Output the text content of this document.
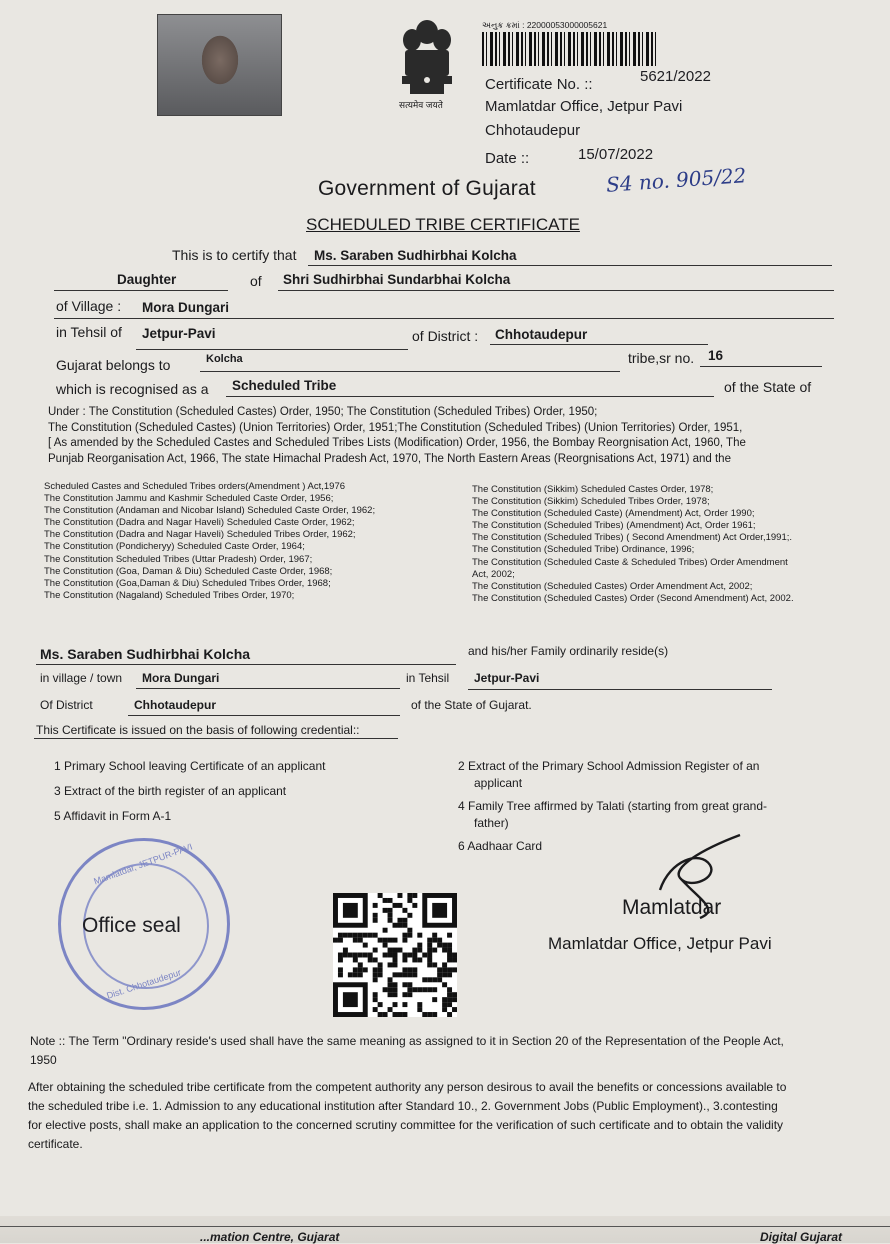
सत्यमेव जयते
અનુક્ર ક્રમાં : 22000053000005621
Certificate No. ::	5621/2022
Mamlatdar Office, Jetpur Pavi
Chhotaudepur
Date ::	15/07/2022
Government of Gujarat	S4 no. 905/22
SCHEDULED TRIBE CERTIFICATE
This is to certify that Ms. Saraben Sudhirbhai Kolcha
Daughter	of Shri Sudhirbhai Sundarbhai Kolcha
of Village : Mora Dungari
in Tehsil of Jetpur-Pavi	of District : Chhotaudepur
Gujarat belongs to	Kolcha	tribe,sr no. 16
which is recognised as a Scheduled Tribe	of the State of
Under : The Constitution (Scheduled Castes) Order, 1950; The Constitution (Scheduled Tribes) Order, 1950;
The Constitution (Scheduled Castes) (Union Territories) Order, 1951;The Constitution (Scheduled Tribes) (Union Territories) Order, 1951,
[ As amended by the Scheduled Castes and Scheduled Tribes Lists (Modification) Order, 1956, the Bombay Reorgnisation Act, 1960, The
Punjab Reorganisation Act, 1966, The state Himachal Pradesh Act, 1970, The North Eastern Areas (Reorgnisations Act, 1971) and the
Scheduled Castes and Scheduled Tribes orders(Amendment ) Act,1976
The Constitution Jammu and Kashmir Scheduled Caste Order, 1956;
The Constitution (Andaman and Nicobar Island) Scheduled Caste Order, 1962;
The Constitution (Dadra and Nagar Haveli) Scheduled Caste Order, 1962;
The Constitution (Dadra and Nagar Haveli) Scheduled Tribes Order, 1962;
The Constitution (Pondicheryy) Scheduled Caste Order, 1964;
The Constitution Scheduled Tribes (Uttar Pradesh) Order, 1967;
The Constitution (Goa, Daman & Diu) Scheduled Caste Order, 1968;
The Constitution (Goa,Daman & Diu) Scheduled Tribes Order, 1968;
The Constitution (Nagaland) Scheduled Tribes Order, 1970;
The Constitution (Sikkim) Scheduled Castes Order, 1978;
The Constitution (Sikkim) Scheduled Tribes Order, 1978;
The Constitution (Scheduled Caste) (Amendment) Act, Order 1990;
The Constitution (Scheduled Tribes) (Amendment) Act, Order 1961;
The Constitution (Scheduled Tribes) ( Second Amendment) Act Order,1991;.
The Constitution (Scheduled Tribe) Ordinance, 1996;
The Constitution (Scheduled Caste & Scheduled Tribes) Order Amendment
Act, 2002;
The Constitution (Scheduled Castes) Order Amendment Act, 2002;
The Constitution (Scheduled Castes) Order (Second Amendment) Act, 2002.
Ms. Saraben Sudhirbhai Kolcha	and his/her Family ordinarily reside(s)
in village / town Mora Dungari	in Tehsil Jetpur-Pavi
Of District	Chhotaudepur	of the State of Gujarat.
This Certificate is issued on the basis of following credential::
1 Primary School leaving Certificate of an applicant
3 Extract of the birth register of an applicant
5 Affidavit in Form A-1
2 Extract of the Primary School Admission Register of an
applicant
4 Family Tree affirmed by Talati (starting from great grand-
father)
6 Aadhaar Card
Mamlatdar, JETPUR-PAVI
Dist. Chhotaudepur
Office seal
Mamlatdar
Mamlatdar Office, Jetpur Pavi
Note :: The Term "Ordinary reside's used shall have the same meaning as assigned to it in Section 20 of the Representation of the People Act,
1950
After obtaining the scheduled tribe certificate from the competent authority any person desirous to avail the benefits or concessions available to
the scheduled tribe i.e. 1. Admission to any educational institution after Standard 10., 2. Government Jobs (Public Employment)., 3.contesting
for elective posts, shall make an application to the concerned scrutiny committee for the verification of such certificate and to obtain the validity
certificate.
...mation Centre, Gujarat	Digital Gujarat
